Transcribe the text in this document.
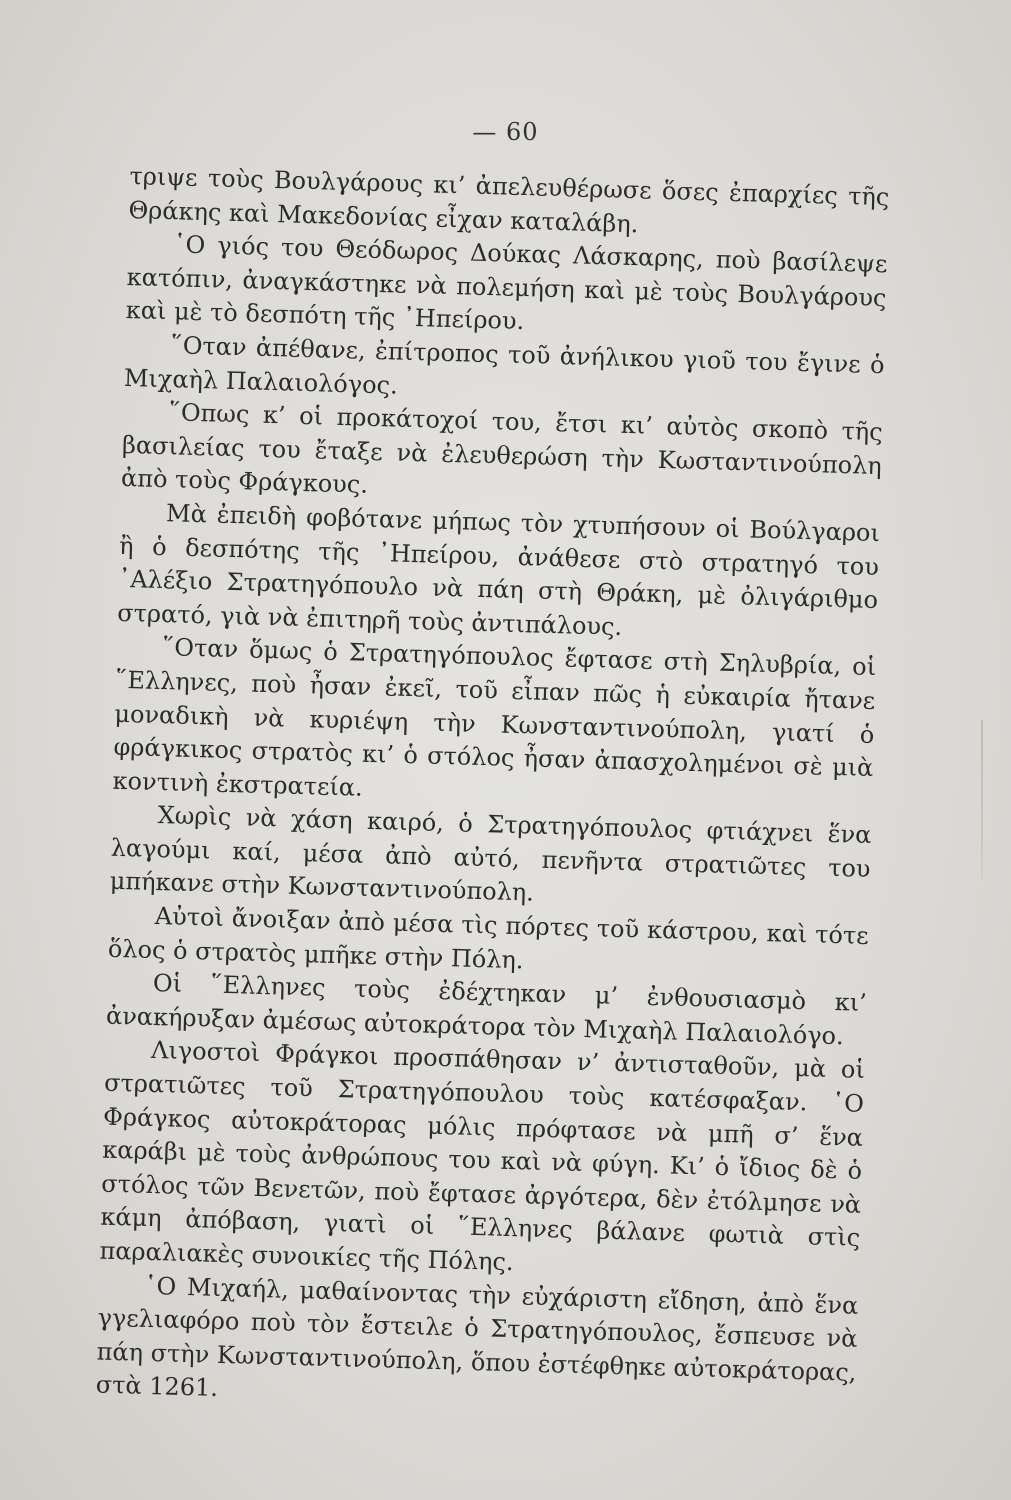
— 60

τριψε τοὺς Βουλγάρους κι’ ἀπελευθέρωσε ὅσες ἐπαρχίες τῆς Θράκης καὶ Μακεδονίας εἶχαν καταλάβη.

῾Ο γιός του Θεόδωρος Δούκας Λάσκαρης, ποὺ βασίλεψε κατόπιν, ἀναγκάστηκε νὰ πολεμήση καὶ μὲ τοὺς Βουλγάρους καὶ μὲ τὸ δεσπότη τῆς ᾿Ηπείρου.

῞Οταν ἀπέθανε, ἐπίτροπος τοῦ ἀνήλικου γιοῦ του ἔγινε ὁ Μιχαὴλ Παλαιολόγος.

῞Οπως κ’ οἱ προκάτοχοί του, ἔτσι κι’ αὐτὸς σκοπὸ τῆς βασιλείας του ἔταξε νὰ ἐλευθερώση τὴν Κωσταντινούπολη ἀπὸ τοὺς Φράγκους.

Μὰ ἐπειδὴ φοβότανε μήπως τὸν χτυπήσουν οἱ Βούλγαροι ἢ ὁ δεσπότης τῆς ᾿Ηπείρου, ἀνάθεσε στὸ στρατηγό του ᾿Αλέξιο Στρατηγόπουλο νὰ πάη στὴ Θράκη, μὲ ὀλιγάριθμο στρατό, γιὰ νὰ ἐπιτηρῆ τοὺς ἀντιπάλους.

῞Οταν ὅμως ὁ Στρατηγόπουλος ἔφτασε στὴ Σηλυβρία, οἱ ῞Ελληνες, ποὺ ἦσαν ἐκεῖ, τοῦ εἶπαν πῶς ἡ εὐκαιρία ἤτανε μοναδικὴ νὰ κυριέψη τὴν Κωνσταντινούπολη, γιατί ὁ φράγκικος στρατὸς κι’ ὁ στόλος ἦσαν ἀπασχολημένοι σὲ μιὰ κοντινὴ ἐκστρατεία.

Χωρὶς νὰ χάση καιρό, ὁ Στρατηγόπουλος φτιάχνει ἕνα λαγούμι καί, μέσα ἀπὸ αὐτό, πενῆντα στρατιῶτες του μπήκανε στὴν Κωνσταντινούπολη.

Αὐτοὶ ἄνοιξαν ἀπὸ μέσα τὶς πόρτες τοῦ κάστρου, καὶ τότε ὅλος ὁ στρατὸς μπῆκε στὴν Πόλη.

Οἱ ῞Ελληνες τοὺς ἐδέχτηκαν μ’ ἐνθουσιασμὸ κι’ ἀνακήρυξαν ἀμέσως αὐτοκράτορα τὸν Μιχαὴλ Παλαιολόγο.

Λιγοστοὶ Φράγκοι προσπάθησαν ν’ ἀντισταθοῦν, μὰ οἱ στρατιῶτες τοῦ Στρατηγόπουλου τοὺς κατέσφαξαν. ῾Ο Φράγκος αὐτοκράτορας μόλις πρόφτασε νὰ μπῆ σ’ ἕνα καράβι μὲ τοὺς ἀνθρώπους του καὶ νὰ φύγη. Κι’ ὁ ἴδιος δὲ ὁ στόλος τῶν Βενετῶν, ποὺ ἔφτασε ἀργότερα, δὲν ἐτόλμησε νὰ κάμη ἀπόβαση, γιατὶ οἱ ῞Ελληνες βάλανε φωτιὰ στὶς παραλιακὲς συνοικίες τῆς Πόλης.

῾Ο Μιχαήλ, μαθαίνοντας τὴν εὐχάριστη εἴδηση, ἀπὸ ἕνα γγελιαφόρο ποὺ τὸν ἔστειλε ὁ Στρατηγόπουλος, ἔσπευσε νὰ πάη στὴν Κωνσταντινούπολη, ὅπου ἐστέφθηκε αὐτοκράτορας, στὰ 1261.
